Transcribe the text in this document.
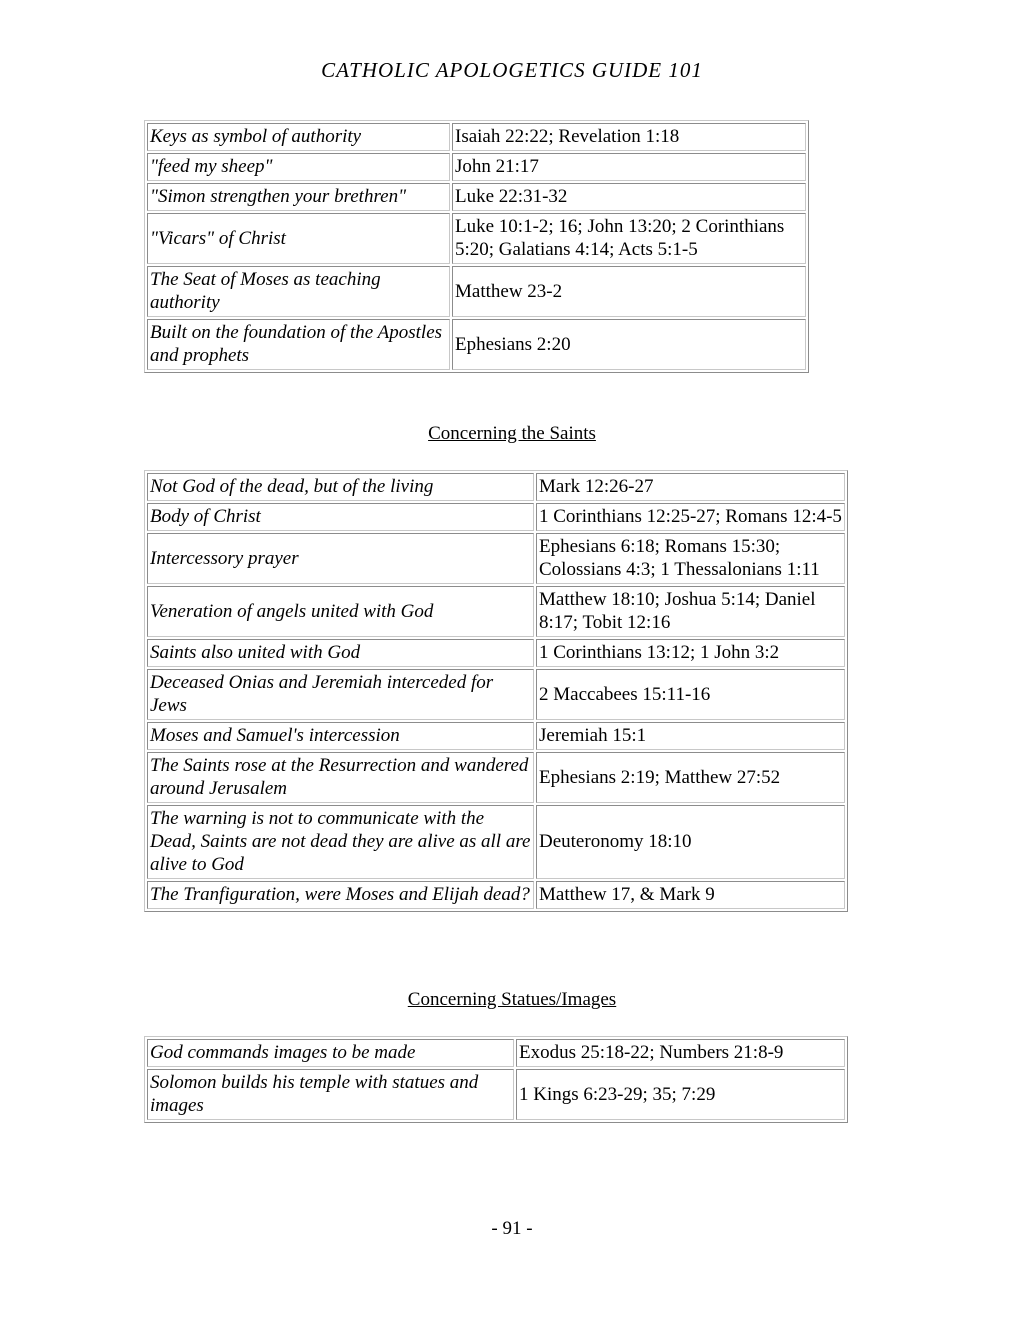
CATHOLIC APOLOGETICS GUIDE 101
Keys as symbol of authority	Isaiah 22:22; Revelation 1:18
"feed my sheep"	John 21:17
"Simon strengthen your brethren"	Luke 22:31-32
"Vicars" of Christ	Luke 10:1-2; 16; John 13:20; 2 Corinthians 5:20; Galatians 4:14; Acts 5:1-5
The Seat of Moses as teaching authority	Matthew 23-2
Built on the foundation of the Apostles and prophets	Ephesians 2:20
Concerning the Saints
Not God of the dead, but of the living	Mark 12:26-27
Body of Christ	1 Corinthians 12:25-27; Romans 12:4-5
Intercessory prayer	Ephesians 6:18; Romans 15:30; Colossians 4:3; 1 Thessalonians 1:11
Veneration of angels united with God	Matthew 18:10; Joshua 5:14; Daniel 8:17; Tobit 12:16
Saints also united with God	1 Corinthians 13:12; 1 John 3:2
Deceased Onias and Jeremiah interceded for Jews	2 Maccabees 15:11-16
Moses and Samuel's intercession	Jeremiah 15:1
The Saints rose at the Resurrection and wandered around Jerusalem	Ephesians 2:19; Matthew 27:52
The warning is not to communicate with the Dead, Saints are not dead they are alive as all are alive to God	Deuteronomy 18:10
The Tranfiguration, were Moses and Elijah dead?	Matthew 17, & Mark 9
Concerning Statues/Images
God commands images to be made	Exodus 25:18-22; Numbers 21:8-9
Solomon builds his temple with statues and images	1 Kings 6:23-29; 35; 7:29
- 91 -
